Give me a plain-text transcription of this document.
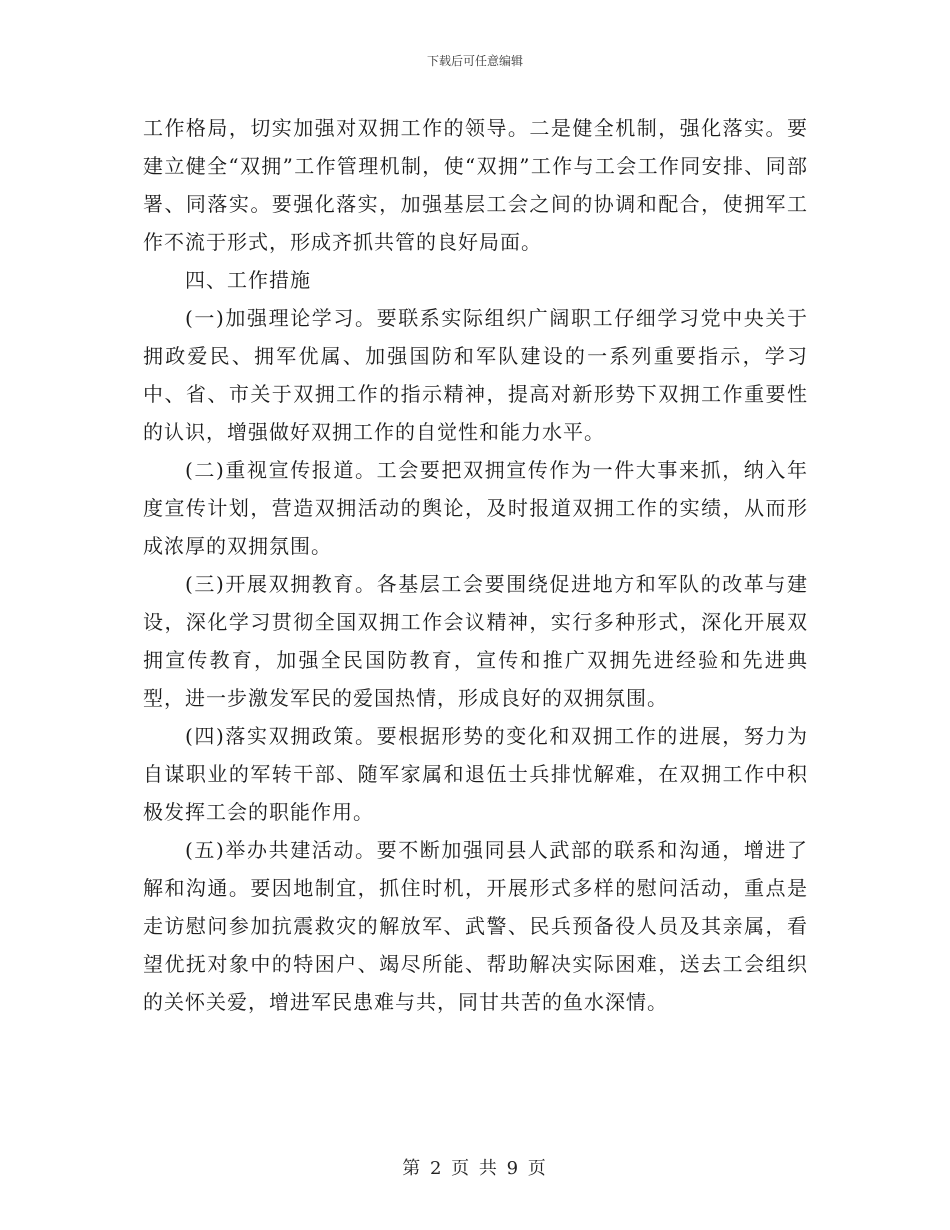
下载后可任意编辑

工作格局，切实加强对双拥工作的领导。二是健全机制，强化落实。要建立健全“双拥”工作管理机制，使“双拥”工作与工会工作同安排、同部署、同落实。要强化落实，加强基层工会之间的协调和配合，使拥军工作不流于形式，形成齐抓共管的良好局面。

四、工作措施

(一)加强理论学习。要联系实际组织广阔职工仔细学习党中央关于拥政爱民、拥军优属、加强国防和军队建设的一系列重要指示，学习中、省、市关于双拥工作的指示精神，提高对新形势下双拥工作重要性的认识，增强做好双拥工作的自觉性和能力水平。

(二)重视宣传报道。工会要把双拥宣传作为一件大事来抓，纳入年度宣传计划，营造双拥活动的舆论，及时报道双拥工作的实绩，从而形成浓厚的双拥氛围。

(三)开展双拥教育。各基层工会要围绕促进地方和军队的改革与建设，深化学习贯彻全国双拥工作会议精神，实行多种形式，深化开展双拥宣传教育，加强全民国防教育，宣传和推广双拥先进经验和先进典型，进一步激发军民的爱国热情，形成良好的双拥氛围。

(四)落实双拥政策。要根据形势的变化和双拥工作的进展，努力为自谋职业的军转干部、随军家属和退伍士兵排忧解难，在双拥工作中积极发挥工会的职能作用。

(五)举办共建活动。要不断加强同县人武部的联系和沟通，增进了解和沟通。要因地制宜，抓住时机，开展形式多样的慰问活动，重点是走访慰问参加抗震救灾的解放军、武警、民兵预备役人员及其亲属，看望优抚对象中的特困户、竭尽所能、帮助解决实际困难，送去工会组织的关怀关爱，增进军民患难与共，同甘共苦的鱼水深情。

第 2 页 共 9 页
